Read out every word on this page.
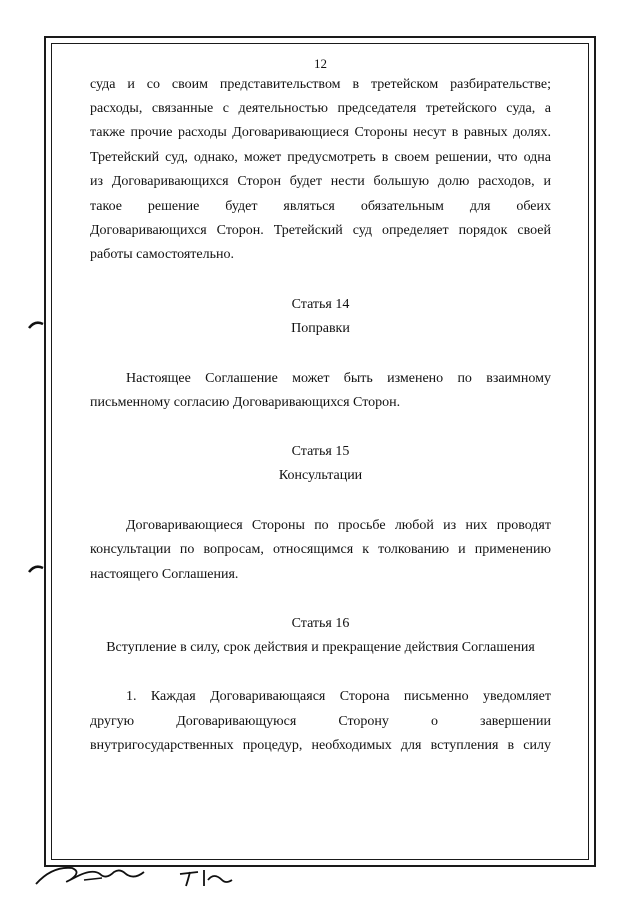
12
суда и со своим представительством в третейском разбирательстве;
расходы, связанные с деятельностью председателя третейского суда, а
также прочие расходы Договаривающиеся Стороны несут в равных долях.
Третейский суд, однако, может предусмотреть в своем решении, что одна
из Договаривающихся Сторон будет нести большую долю расходов, и
такое решение будет являться обязательным для обеих
Договаривающихся Сторон. Третейский суд определяет порядок своей
работы самостоятельно.
Статья 14
Поправки
Настоящее Соглашение может быть изменено по взаимному
письменному согласию Договаривающихся Сторон.
Статья 15
Консультации
Договаривающиеся Стороны по просьбе любой из них проводят
консультации по вопросам, относящимся к толкованию и применению
настоящего Соглашения.
Статья 16
Вступление в силу, срок действия и прекращение действия Соглашения
1. Каждая Договаривающаяся Сторона письменно уведомляет
другую Договаривающуюся Сторону о завершении
внутригосударственных процедур, необходимых для вступления в силу
